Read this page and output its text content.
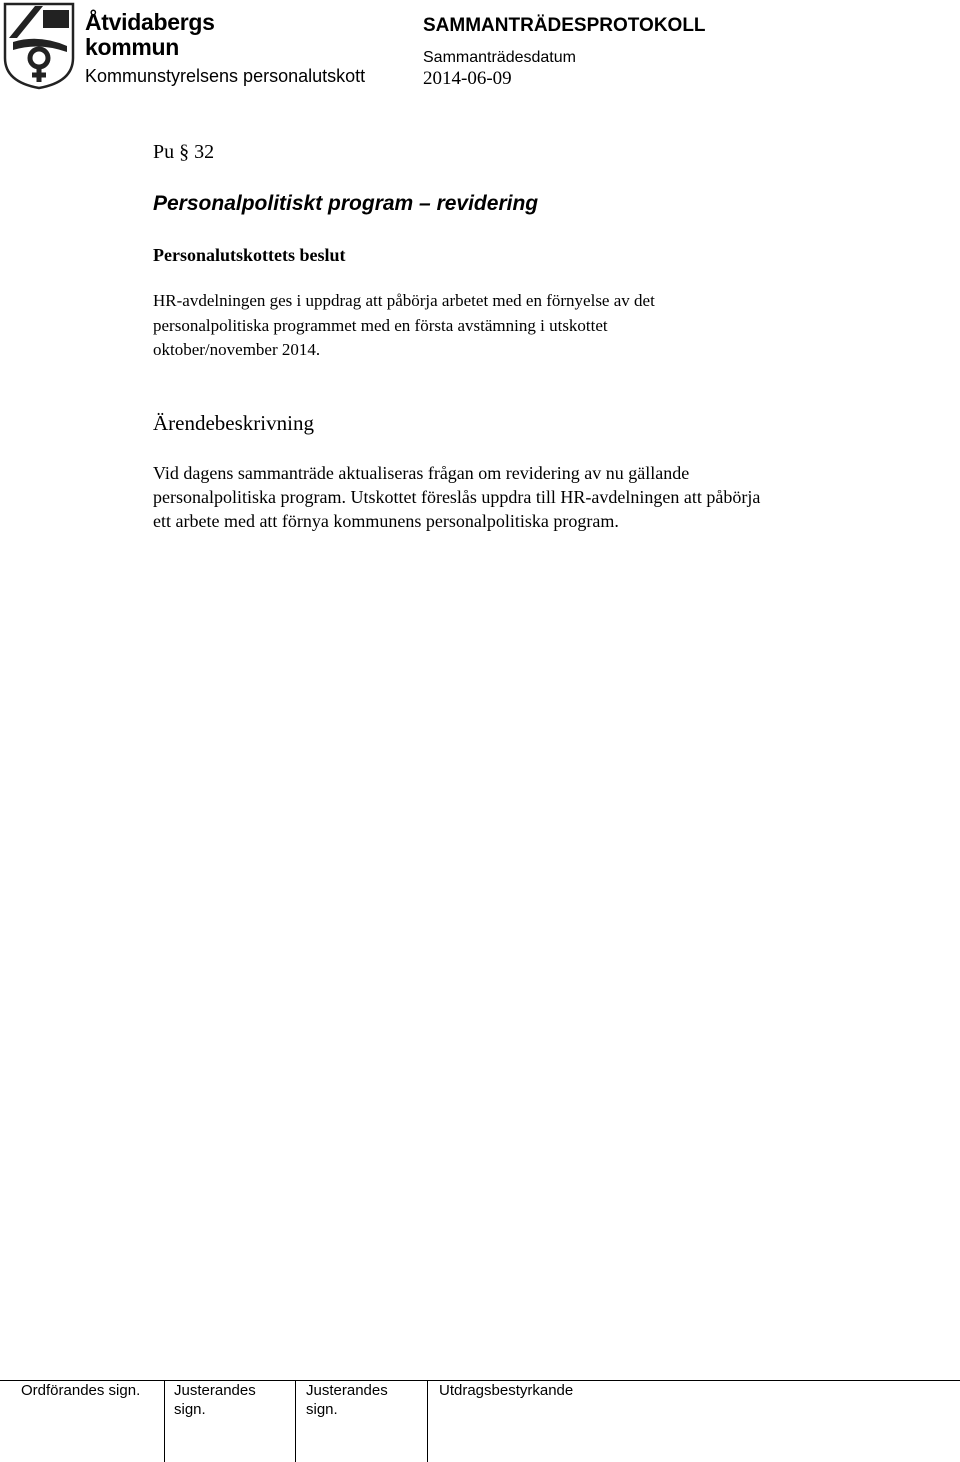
Åtvidabergs
kommun
Kommunstyrelsens personalutskott
SAMMANTRÄDESPROTOKOLL
Sammanträdesdatum
2014-06-09
Pu § 32
Personalpolitiskt program – revidering
Personalutskottets beslut
HR-avdelningen ges i uppdrag att påbörja arbetet med en förnyelse av det
personalpolitiska programmet med en första avstämning i utskottet
oktober/november 2014.
Ärendebeskrivning
Vid dagens sammanträde aktualiseras frågan om revidering av nu gällande
personalpolitiska program. Utskottet föreslås uppdra till HR-avdelningen att påbörja
ett arbete med att förnya kommunens personalpolitiska program.
Ordförandes sign.	Justerandes
sign.
Justerandes
sign.
Utdragsbestyrkande
